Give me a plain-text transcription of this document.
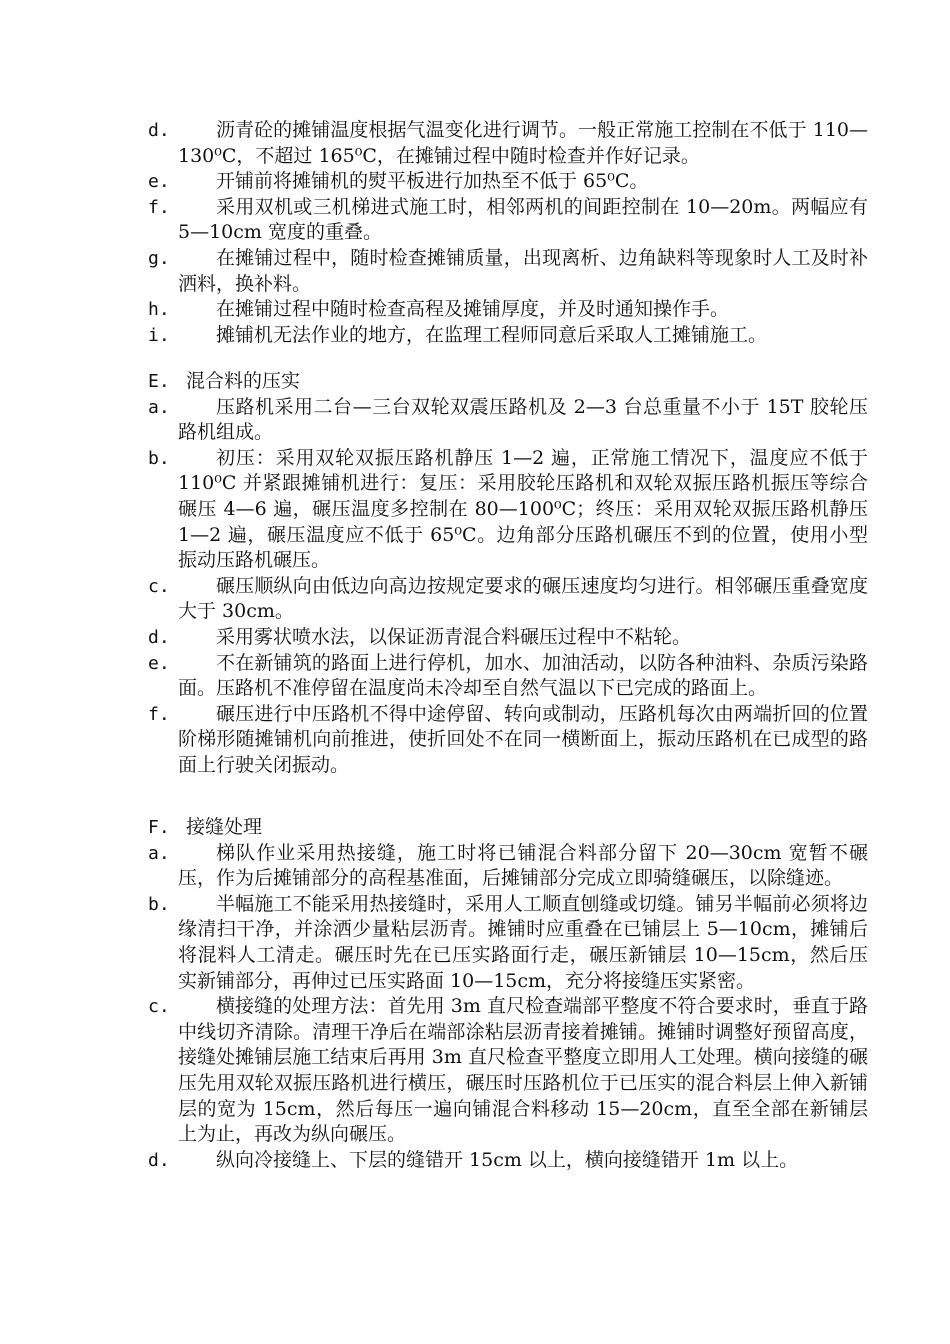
d.	沥青砼的摊铺温度根据气温变化进行调节。一般正常施工控制在不低于 110—130⁰C，不超过 165⁰C，在摊铺过程中随时检查并作好记录。
e.	开铺前将摊铺机的熨平板进行加热至不低于 65⁰C。
f.	采用双机或三机梯进式施工时，相邻两机的间距控制在 10—20m。两幅应有 5—10cm 宽度的重叠。
g.	在摊铺过程中，随时检查摊铺质量，出现离析、边角缺料等现象时人工及时补洒料，换补料。
h.	在摊铺过程中随时检查高程及摊铺厚度，并及时通知操作手。
i.	摊铺机无法作业的地方，在监理工程师同意后采取人工摊铺施工。
E. 混合料的压实
a.	压路机采用二台—三台双轮双震压路机及 2—3 台总重量不小于 15T 胶轮压路机组成。
b.	初压：采用双轮双振压路机静压 1—2 遍，正常施工情况下，温度应不低于 110⁰C 并紧跟摊铺机进行：复压：采用胶轮压路机和双轮双振压路机振压等综合碾压 4—6 遍，碾压温度多控制在 80—100⁰C；终压：采用双轮双振压路机静压 1—2 遍，碾压温度应不低于 65⁰C。边角部分压路机碾压不到的位置，使用小型振动压路机碾压。
c.	碾压顺纵向由低边向高边按规定要求的碾压速度均匀进行。相邻碾压重叠宽度大于 30cm。
d.	采用雾状喷水法，以保证沥青混合料碾压过程中不粘轮。
e.	不在新铺筑的路面上进行停机，加水、加油活动，以防各种油料、杂质污染路面。压路机不准停留在温度尚未冷却至自然气温以下已完成的路面上。
f.	碾压进行中压路机不得中途停留、转向或制动，压路机每次由两端折回的位置阶梯形随摊铺机向前推进，使折回处不在同一横断面上，振动压路机在已成型的路面上行驶关闭振动。
F. 接缝处理
a.	梯队作业采用热接缝，施工时将已铺混合料部分留下 20—30cm 宽暂不碾压，作为后摊铺部分的高程基准面，后摊铺部分完成立即骑缝碾压，以除缝迹。
b.	半幅施工不能采用热接缝时，采用人工顺直刨缝或切缝。铺另半幅前必须将边缘清扫干净，并涂洒少量粘层沥青。摊铺时应重叠在已铺层上 5—10cm，摊铺后将混料人工清走。碾压时先在已压实路面行走，碾压新铺层 10—15cm，然后压实新铺部分，再伸过已压实路面 10—15cm，充分将接缝压实紧密。
c.	横接缝的处理方法：首先用 3m 直尺检查端部平整度不符合要求时，垂直于路中线切齐清除。清理干净后在端部涂粘层沥青接着摊铺。摊铺时调整好预留高度，接缝处摊铺层施工结束后再用 3m 直尺检查平整度立即用人工处理。横向接缝的碾压先用双轮双振压路机进行横压，碾压时压路机位于已压实的混合料层上伸入新铺层的宽为 15cm，然后每压一遍向铺混合料移动 15—20cm，直至全部在新铺层上为止，再改为纵向碾压。
d.	纵向冷接缝上、下层的缝错开 15cm 以上，横向接缝错开 1m 以上。
